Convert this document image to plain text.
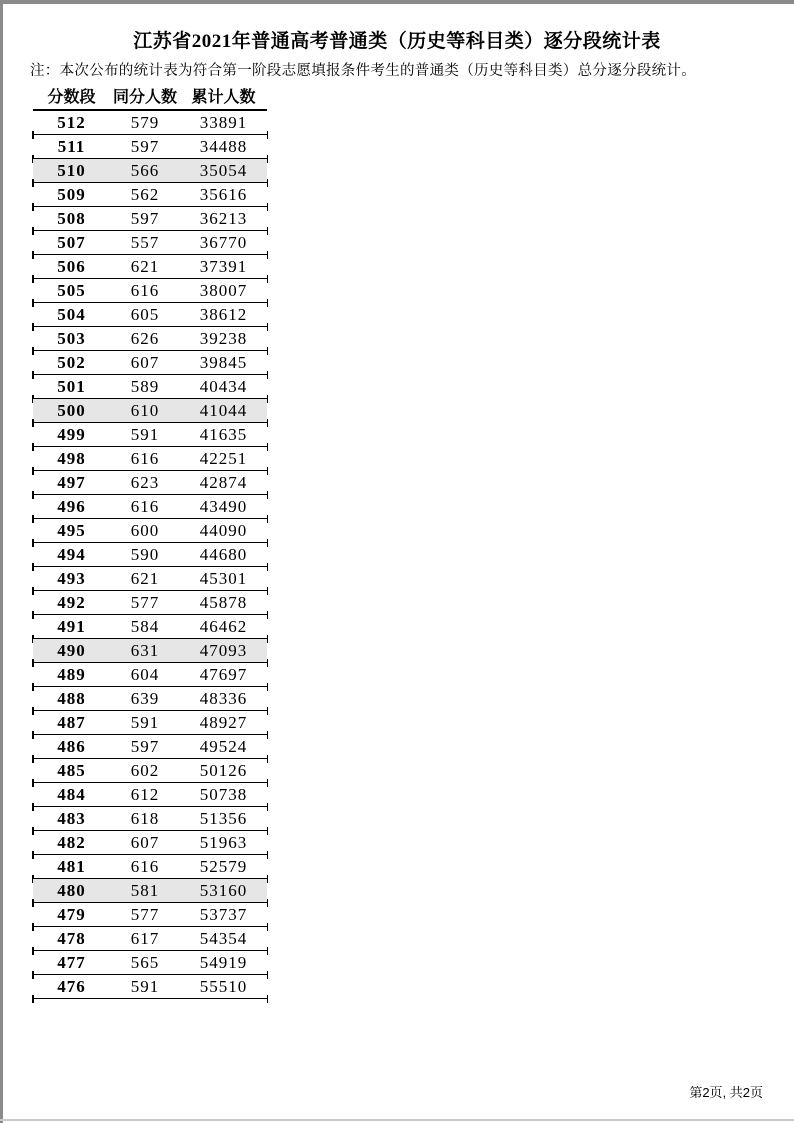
江苏省2021年普通高考普通类（历史等科目类）逐分段统计表
注：本次公布的统计表为符合第一阶段志愿填报条件考生的普通类（历史等科目类）总分逐分段统计。
分数段	同分人数 累计人数
512	579	33891
511	597	34488
510	566	35054
509	562	35616
508	597	36213
507	557	36770
506	621	37391
505	616	38007
504	605	38612
503	626	39238
502	607	39845
501	589	40434
500	610	41044
499	591	41635
498	616	42251
497	623	42874
496	616	43490
495	600	44090
494	590	44680
493	621	45301
492	577	45878
491	584	46462
490	631	47093
489	604	47697
488	639	48336
487	591	48927
486	597	49524
485	602	50126
484	612	50738
483	618	51356
482	607	51963
481	616	52579
480	581	53160
479	577	53737
478	617	54354
477	565	54919
476	591	55510
第2页, 共2页
